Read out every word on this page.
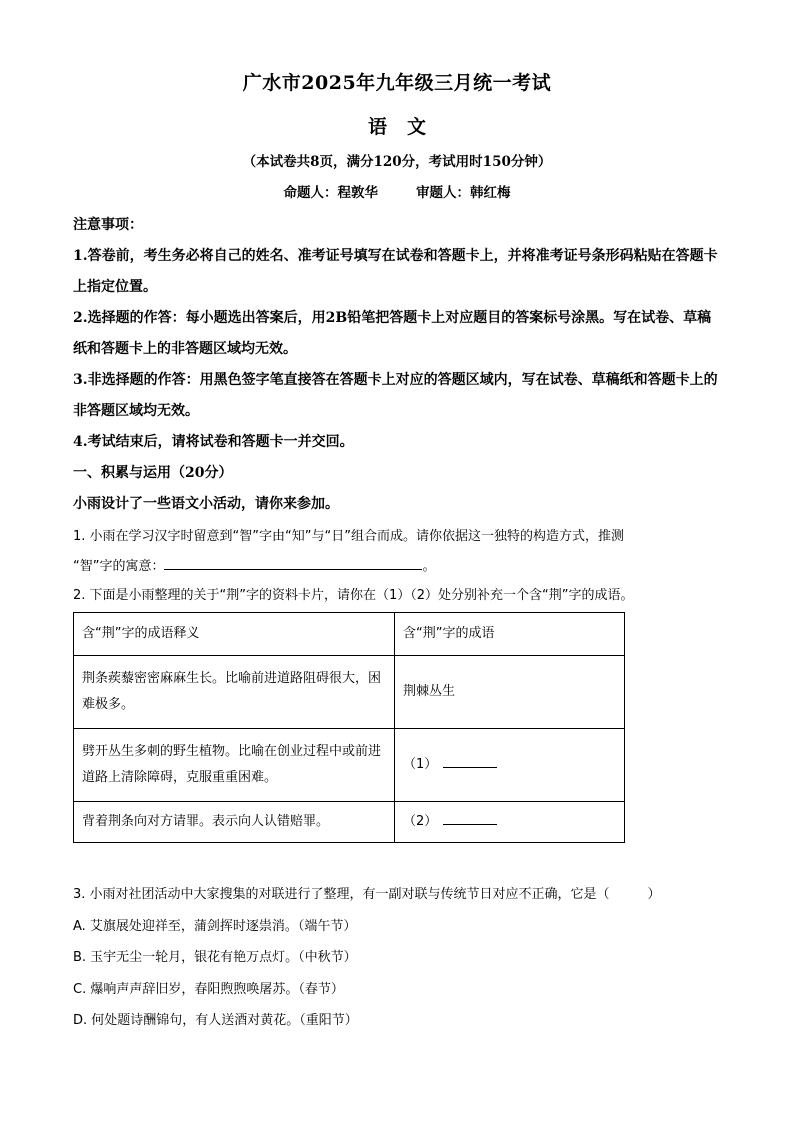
广水市2025年九年级三月统一考试
语文
（本试卷共8页，满分120分，考试用时150分钟）
命题人：程敦华	审题人：韩红梅

注意事项：

1.答卷前，考生务必将自己的姓名、准考证号填写在试卷和答题卡上，并将准考证号条形码粘贴在答题卡上指定位置。

2.选择题的作答：每小题选出答案后，用2B铅笔把答题卡上对应题目的答案标号涂黑。写在试卷、草稿纸和答题卡上的非答题区域均无效。

3.非选择题的作答：用黑色签字笔直接答在答题卡上对应的答题区域内，写在试卷、草稿纸和答题卡上的非答题区域均无效。

4.考试结束后，请将试卷和答题卡一并交回。

一、积累与运用（20分）

小雨设计了一些语文小活动，请你来参加。

1. 小雨在学习汉字时留意到“智”字由“知”与“日”组合而成。请你依据这一独特的构造方式，推测
“智”字的寓意：	。
2. 下面是小雨整理的关于“荆”字的资料卡片，请你在（1）（2）处分别补充一个含“荆”字的成语。
含“荆”字的成语释义	含“荆”字的成语
荆条蒺藜密密麻麻生长。比喻前进道路阻碍很大，困难极多。	荆棘丛生
劈开丛生多刺的野生植物。比喻在创业过程中或前进道路上清除障碍，克服重重困难。	（1）
背着荆条向对方请罪。表示向人认错赔罪。	（2）

3. 小雨对社团活动中大家搜集的对联进行了整理，有一副对联与传统节日对应不正确，它是（	）

A. 艾旗展处迎祥至，蒲剑挥时逐祟消。（端午节）

B. 玉宇无尘一轮月，银花有艳万点灯。（中秋节）

C. 爆响声声辞旧岁，春阳煦煦唤屠苏。（春节）

D. 何处题诗酬锦句，有人送酒对黄花。（重阳节）
